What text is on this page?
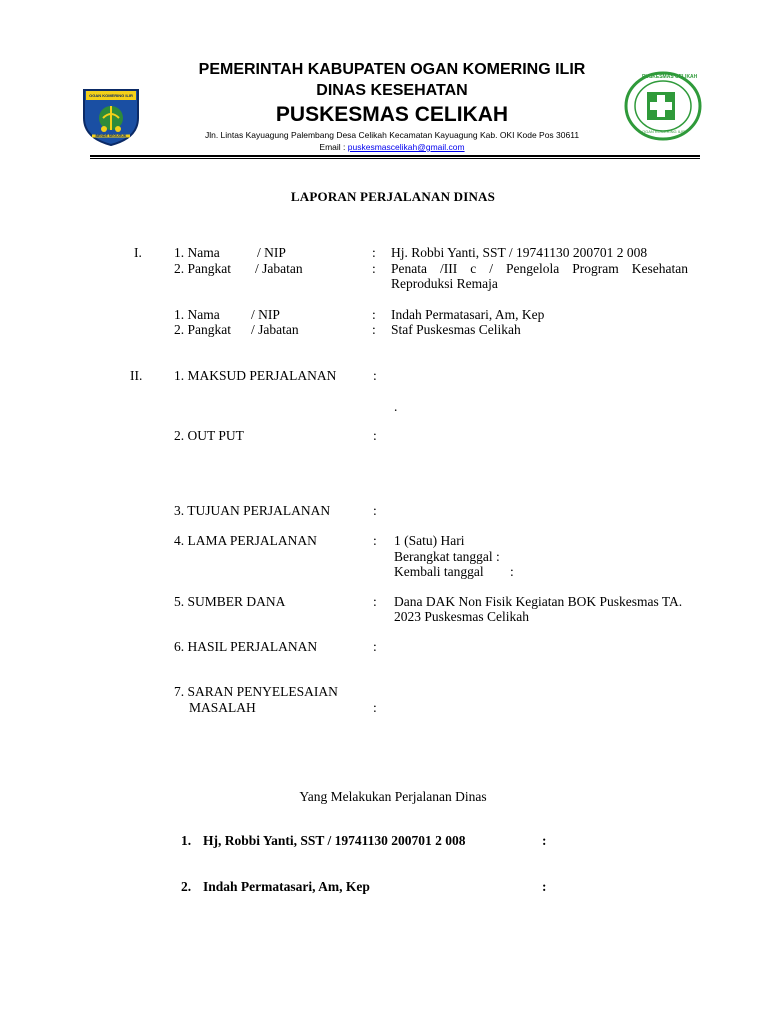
OGAN KOMERING ILIR
BENDE SEGUGUK
PUSKESMAS CELIKAH
OGAN KOMERING ILIR
PEMERINTAH KABUPATEN OGAN KOMERING ILIR
DINAS KESEHATAN
PUSKESMAS CELIKAH
Jln. Lintas Kayuagung Palembang Desa Celikah Kecamatan Kayuagung Kab. OKI Kode Pos 30611
Email : puskesmascelikah@gmail.com
LAPORAN PERJALANAN DINAS
I. 1. Nama	/ NIP	: Hj. Robbi Yanti, SST / 19741130 200701 2 008
2. Pangkat / Jabatan	: Penata /III c / Pengelola Program Kesehatan Reproduksi Remaja
1. Nama / NIP	: Indah Permatasari, Am, Kep
2. Pangkat / Jabatan	: Staf Puskesmas Celikah
II. 1. MAKSUD PERJALANAN	:
.
2. OUT PUT	:
3. TUJUAN PERJALANAN	:
4. LAMA PERJALANAN	: 1 (Satu) Hari
Berangkat tanggal :
Kembali tanggal :
5. SUMBER DANA	: Dana DAK Non Fisik Kegiatan BOK Puskesmas TA. 2023 Puskesmas Celikah
6. HASIL PERJALANAN	:
7. SARAN PENYELESAIAN
MASALAH	:
Yang Melakukan Perjalanan Dinas
1. Hj, Robbi Yanti, SST / 19741130 200701 2 008	:
2. Indah Permatasari, Am, Kep	:
